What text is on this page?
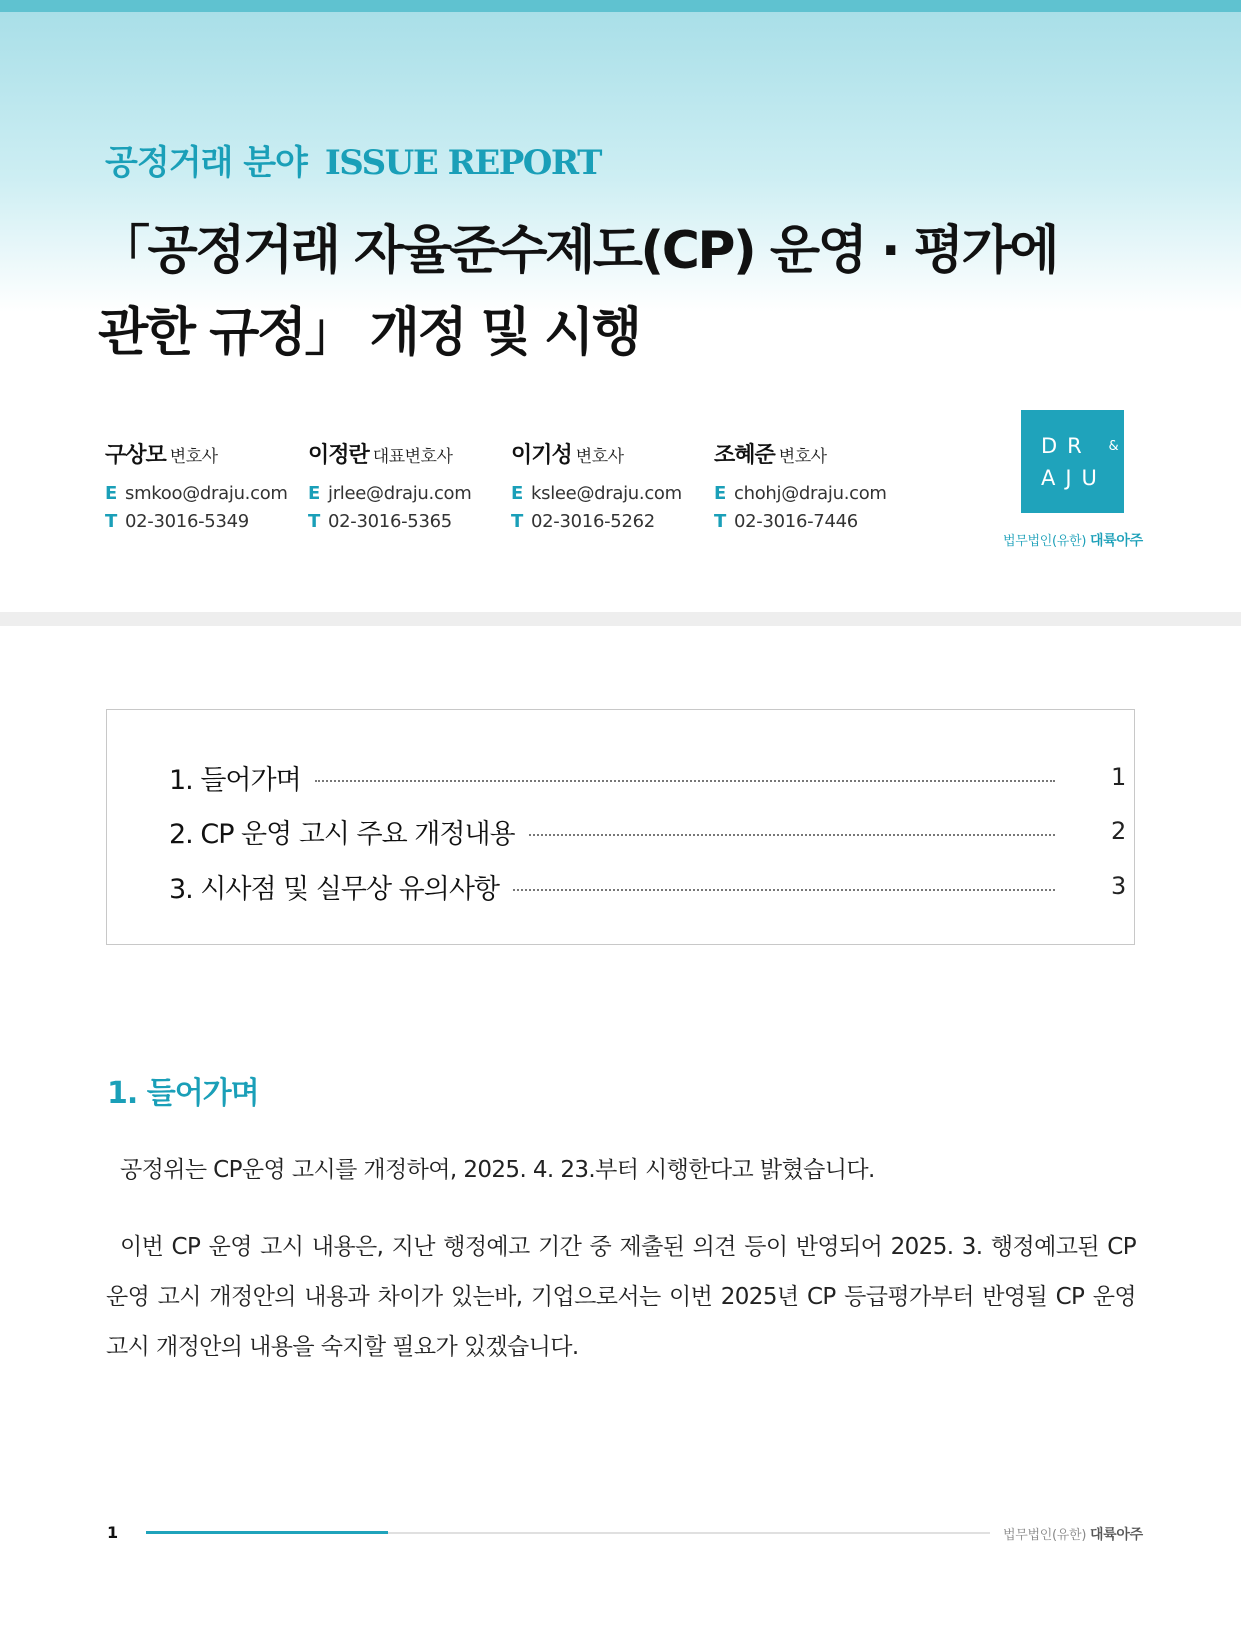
공정거래 분야 ISSUE REPORT
「공정거래 자율준수제도(CP) 운영 · 평가에
관한 규정」 개정 및 시행
구상모 변호사
E smkoo@draju.com
T 02-3016-5349
이정란 대표변호사
E jrlee@draju.com
T 02-3016-5365
이기성 변호사
E kslee@draju.com
T 02-3016-5262
조혜준 변호사
E chohj@draju.com
T 02-3016-7446
DR &
AJU
법무법인(유한) 대륙아주
1. 들어가며	1
2. CP 운영 고시 주요 개정내용	2
3. 시사점 및 실무상 유의사항	3
1. 들어가며

공정위는 CP운영 고시를 개정하여, 2025. 4. 23.부터 시행한다고 밝혔습니다.

이번 CP 운영 고시 내용은, 지난 행정예고 기간 중 제출된 의견 등이 반영되어 2025. 3. 행정예고된 CP 운영 고시 개정안의 내용과 차이가 있는바, 기업으로서는 이번 2025년 CP 등급평가부터 반영될 CP 운영 고시 개정안의 내용을 숙지할 필요가 있겠습니다.

1	법무법인(유한) 대륙아주
